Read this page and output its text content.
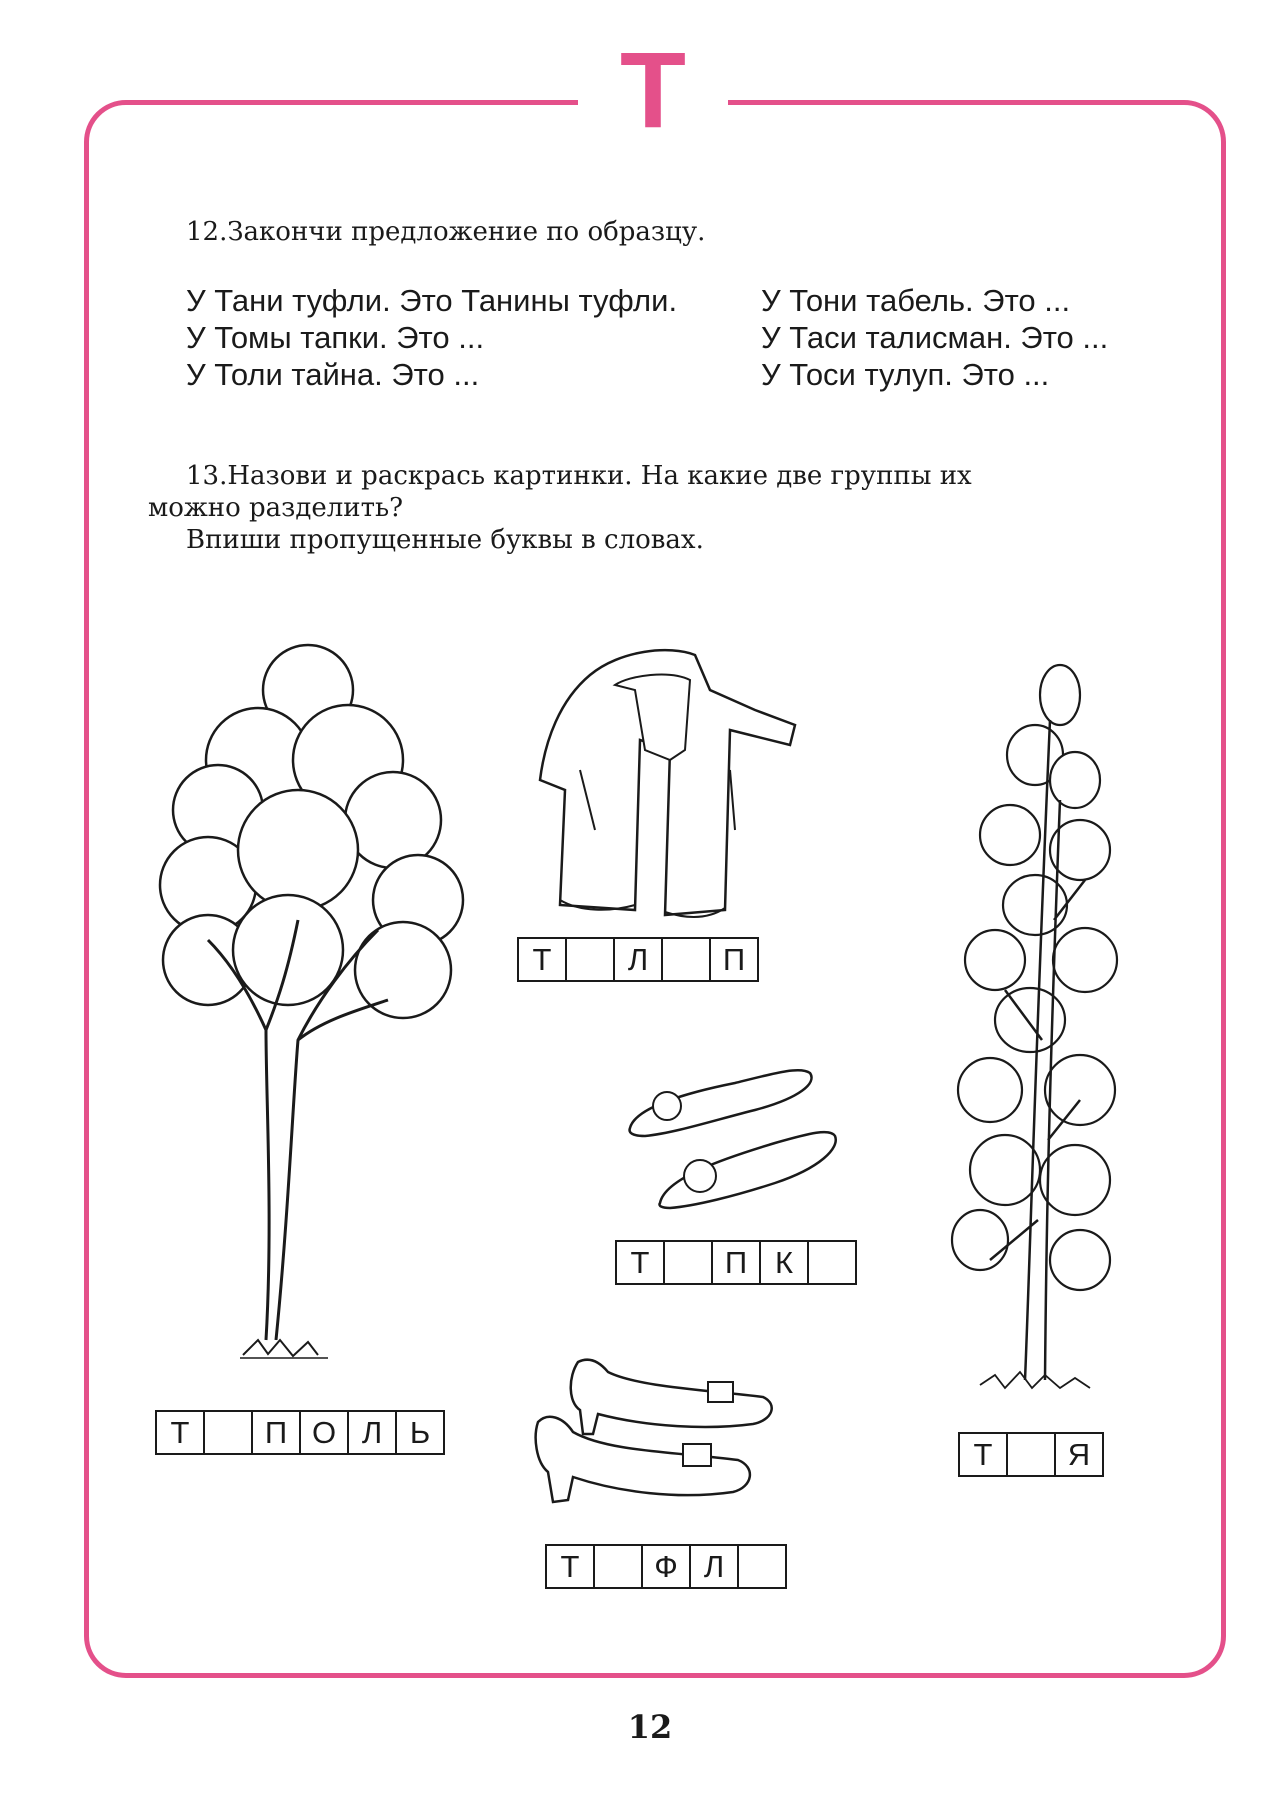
Т
12.Закончи предложение по образцу.
У Тани туфли. Это Танины туфли.
У Томы тапки. Это ...
У Толи тайна. Это ...
У Тони табель. Это ...
У Таси талисман. Это ...
У Тоси тулуп. Это ...
13.Назови и раскрась картинки. На какие две группы их
можно разделить?
Впиши пропущенные буквы в словах.
Т	П О Л Ь
Т	Л	П
Т	П К
Т	Ф Л
Т	Я
12
